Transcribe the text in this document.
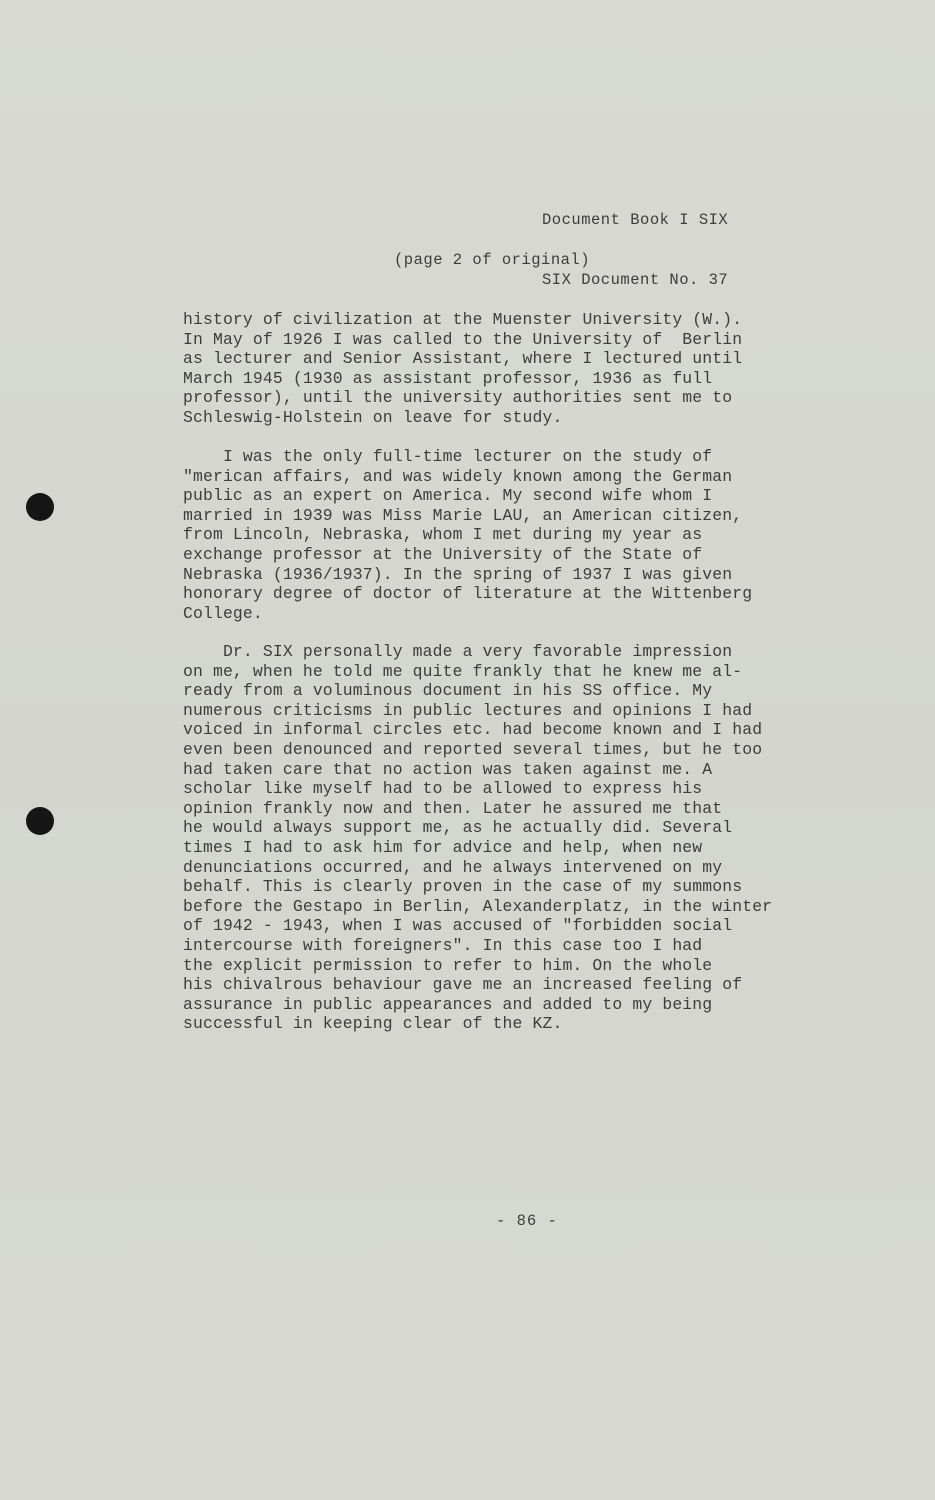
Document Book I SIX

SIX Document No. 37

(page 2 of original)
history of civilization at the Muenster University (W.).
In May of 1926 I was called to the University of  Berlin
as lecturer and Senior Assistant, where I lectured until
March 1945 (1930 as assistant professor, 1936 as full
professor), until the university authorities sent me to
Schleswig-Holstein on leave for study.
I was the only full-time lecturer on the study of
"merican affairs, and was widely known among the German
public as an expert on America. My second wife whom I
married in 1939 was Miss Marie LAU, an American citizen,
from Lincoln, Nebraska, whom I met during my year as
exchange professor at the University of the State of
Nebraska (1936/1937). In the spring of 1937 I was given
honorary degree of doctor of literature at the Wittenberg
College.
Dr. SIX personally made a very favorable impression
on me, when he told me quite frankly that he knew me al-
ready from a voluminous document in his SS office. My
numerous criticisms in public lectures and opinions I had
voiced in informal circles etc. had become known and I had
even been denounced and reported several times, but he too
had taken care that no action was taken against me. A
scholar like myself had to be allowed to express his
opinion frankly now and then. Later he assured me that
he would always support me, as he actually did. Several
times I had to ask him for advice and help, when new
denunciations occurred, and he always intervened on my
behalf. This is clearly proven in the case of my summons
before the Gestapo in Berlin, Alexanderplatz, in the winter
of 1942 - 1943, when I was accused of "forbidden social
intercourse with foreigners". In this case too I had
the explicit permission to refer to him. On the whole
his chivalrous behaviour gave me an increased feeling of
assurance in public appearances and added to my being
successful in keeping clear of the KZ.
- 86 -
